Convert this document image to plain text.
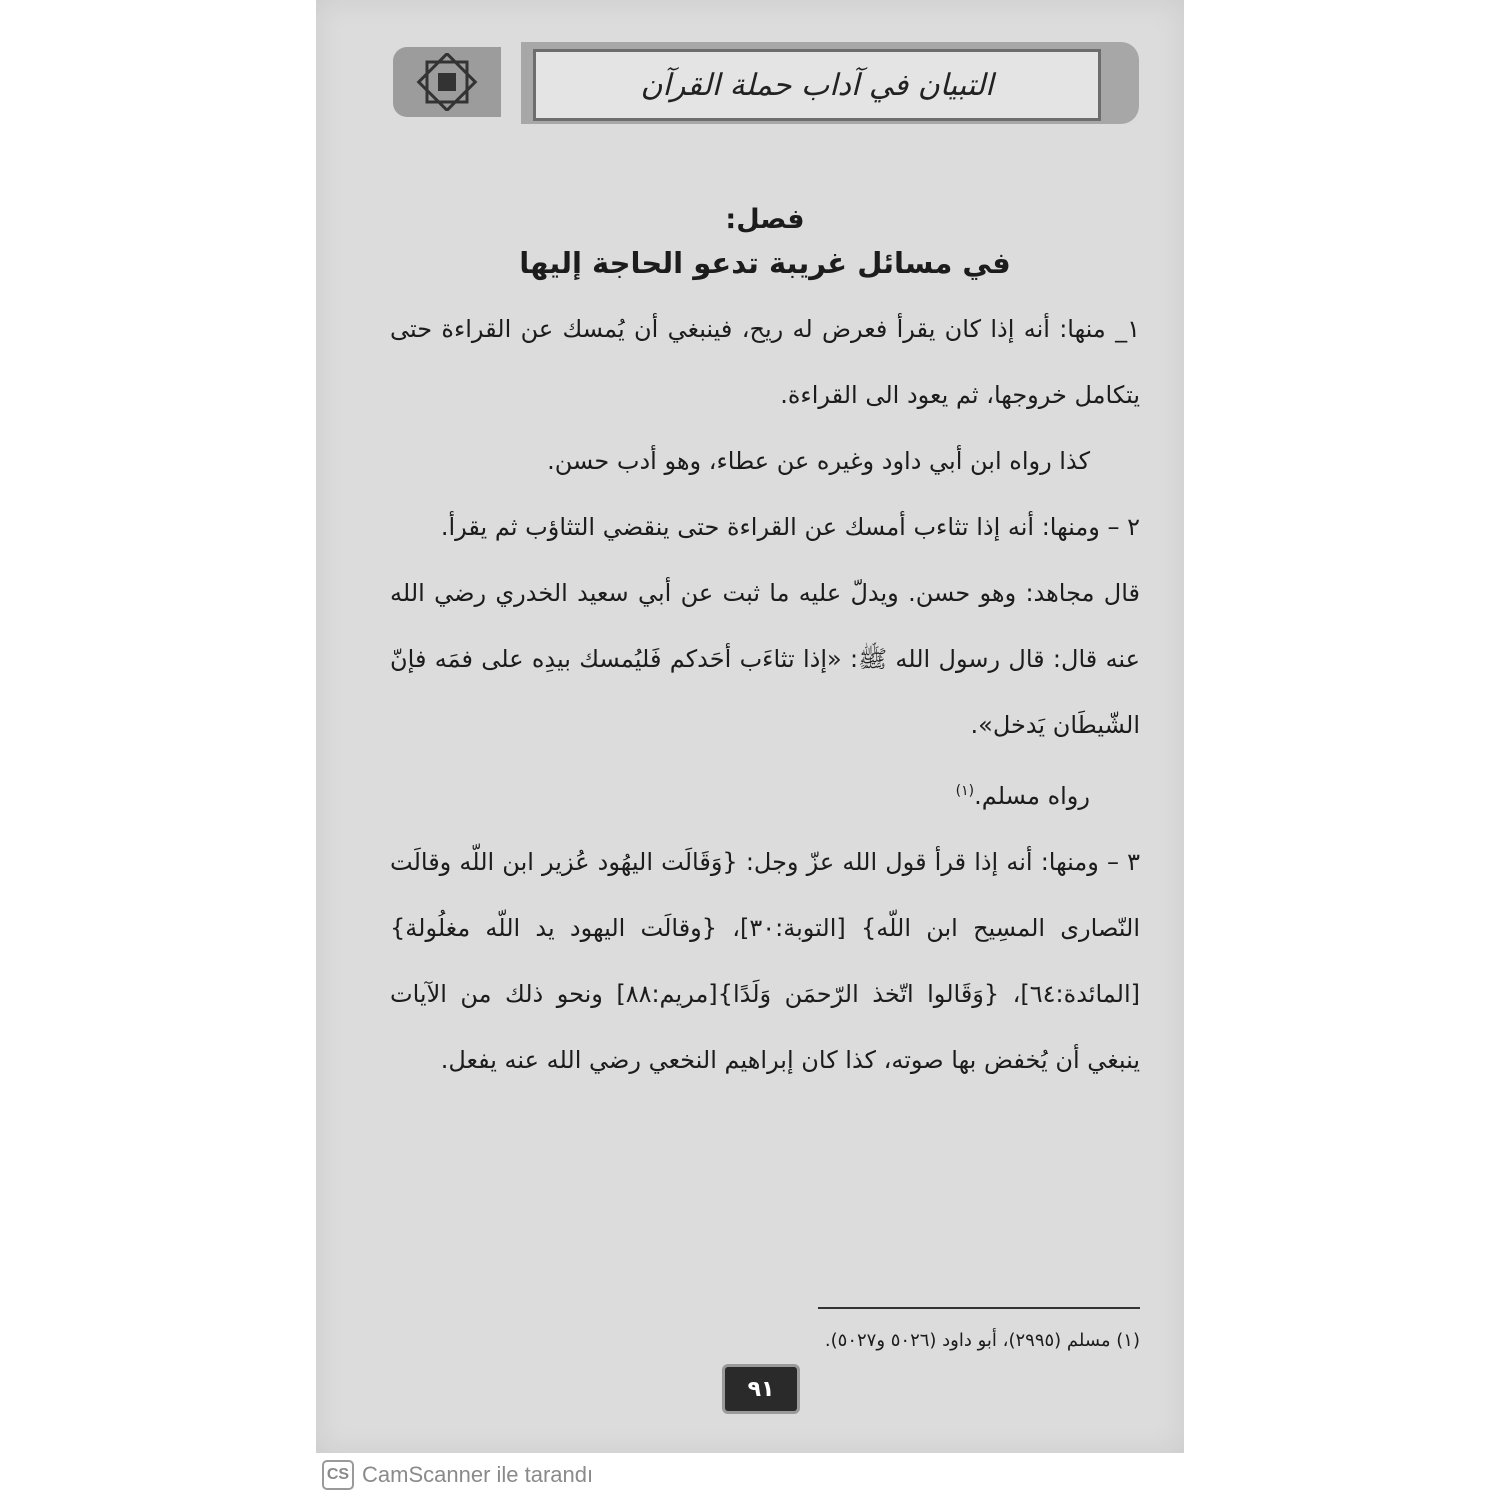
التبيان في آداب حملة القرآن

فصل:

في مسائل غريبة تدعو الحاجة إليها

١_ منها: أنه إذا كان يقرأ فعرض له ريح، فينبغي أن يُمسك عن القراءة حتى يتكامل خروجها، ثم يعود الى القراءة.

كذا رواه ابن أبي داود وغيره عن عطاء، وهو أدب حسن.

٢ – ومنها: أنه إذا تثاءب أمسك عن القراءة حتى ينقضي التثاؤب ثم يقرأ.

قال مجاهد: وهو حسن. ويدلّ عليه ما ثبت عن أبي سعيد الخدري رضي الله عنه قال: قال رسول الله ﷺ: «إذا تثاءَب أحَدكم فَليُمسك بيدِه على فمَه فإنّ الشّيطَان يَدخل».

رواه مسلم.$^{(١)}$

٣ – ومنها: أنه إذا قرأ قول الله عزّ وجل: {وَقَالَت اليهُود عُزير ابن اللّه وقالَت النّصارى المسِيح ابن اللّه} [التوبة:٣٠]، {وقالَت اليهود يد اللّه مغلُولة}[المائدة:٦٤]، {وَقَالوا اتّخذ الرّحمَن وَلَدًا}[مريم:٨٨] ونحو ذلك من الآيات ينبغي أن يُخفض بها صوته، كذا كان إبراهيم النخعي رضي الله عنه يفعل.

(١) مسلم (٢٩٩٥)، أبو داود (٥٠٢٦ و٥٠٢٧).
٩١
CS CamScanner ile tarandı
